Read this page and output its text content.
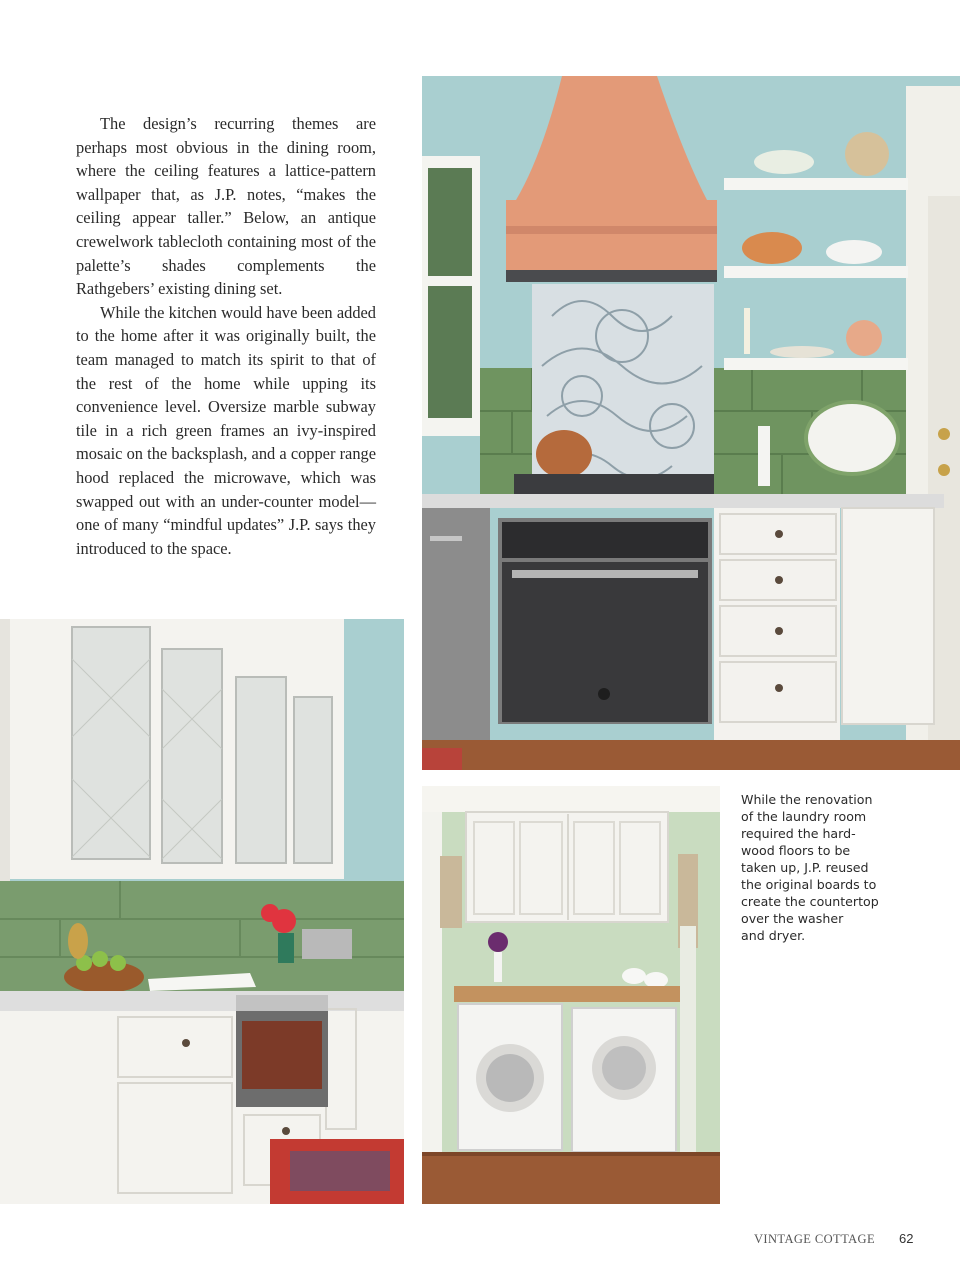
The design’s recurring themes are perhaps most obvious in the dining room, where the ceiling features a lattice-pattern wallpaper that, as J.P. notes, “makes the ceiling appear taller.” Below, an antique crewelwork tablecloth containing most of the palette’s shades complements the Rathgebers’ existing dining set.

While the kitchen would have been added to the home after it was originally built, the team managed to match its spirit to that of the rest of the home while upping its convenience level. Oversize marble subway tile in a rich green frames an ivy-inspired mosaic on the backsplash, and a copper range hood replaced the microwave, which was swapped out with an under-counter model—one of many “mindful updates” J.P. says they introduced to the space.

While the renovation
of the laundry room
required the hard-
wood floors to be
taken up, J.P. reused
the original boards to
create the countertop
over the washer
and dryer.
VINTAGE COTTAGE 62
